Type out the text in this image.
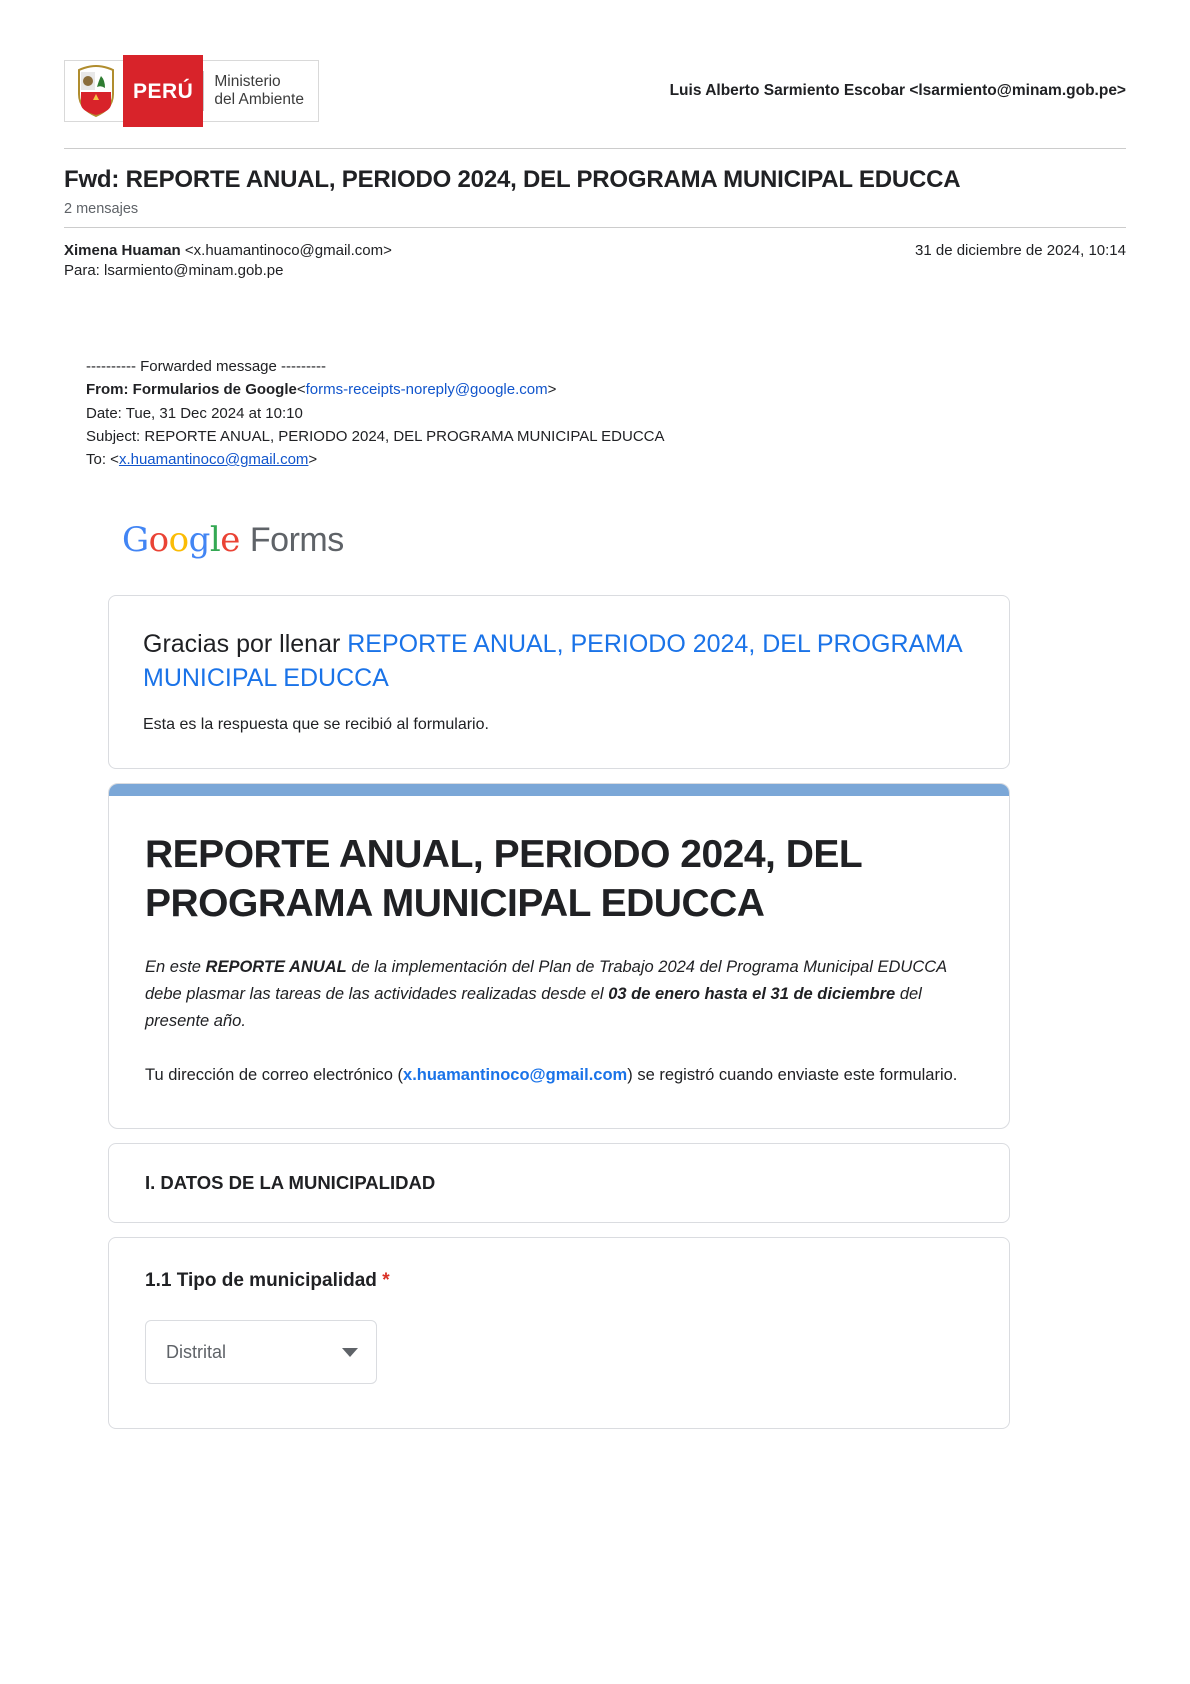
PERÚ	Ministerio
del Ambiente
Luis Alberto Sarmiento Escobar <lsarmiento@minam.gob.pe>
Fwd: REPORTE ANUAL, PERIODO 2024, DEL PROGRAMA MUNICIPAL EDUCCA
2 mensajes
Ximena Huaman <x.huamantinoco@gmail.com>	31 de diciembre de 2024, 10:14
Para: lsarmiento@minam.gob.pe
---------- Forwarded message ---------
From: Formularios de Google<forms-receipts-noreply@google.com>
Date: Tue, 31 Dec 2024 at 10:10
Subject: REPORTE ANUAL, PERIODO 2024, DEL PROGRAMA MUNICIPAL EDUCCA
To: <x.huamantinoco@gmail.com>
Google Forms
Gracias por llenar REPORTE ANUAL, PERIODO 2024, DEL PROGRAMA MUNICIPAL EDUCCA
Esta es la respuesta que se recibió al formulario.
REPORTE ANUAL, PERIODO 2024, DEL PROGRAMA MUNICIPAL EDUCCA
En este REPORTE ANUAL de la implementación del Plan de Trabajo 2024 del Programa Municipal EDUCCA debe plasmar las tareas de las actividades realizadas desde el 03 de enero hasta el 31 de diciembre del presente año.
Tu dirección de correo electrónico (x.huamantinoco@gmail.com) se registró cuando enviaste este formulario.
I. DATOS DE LA MUNICIPALIDAD
1.1 Tipo de municipalidad *
Distrital
